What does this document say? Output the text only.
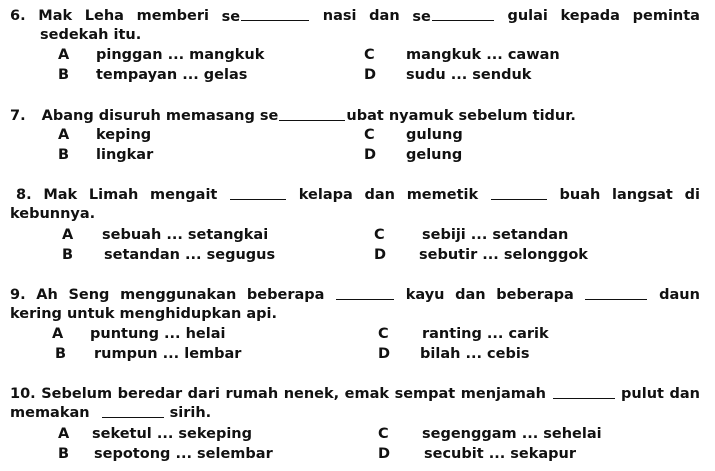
6. Mak Leha memberi se	nasi dan se	gulai kepada peminta
sedekah itu.
A pinggan ... mangkuk	C mangkuk ... cawan
B tempayan ... gelas	D sudu ... senduk
7. Abang disuruh memasang se	ubat nyamuk sebelum tidur.
A keping	C gulung
B lingkar	D gelung
8. Mak Limah mengait	kelapa dan memetik	buah langsat di
kebunnya.
A sebuah ... setangkai	C	sebiji ... setandan
B setandan ... segugus	D sebutir ... selonggok
9. Ah Seng menggunakan beberapa	kayu dan beberapa	daun
kering untuk menghidupkan api.
A puntung ... helai	C ranting ... carik
B rumpun ... lembar	D bilah ... cebis
10. Sebelum beredar dari rumah nenek, emak sempat menjamah	pulut dan
memakan	sirih.
A seketul ... sekeping	C segenggam ... sehelai
B sepotong ... selembar	D secubit ... sekapur
